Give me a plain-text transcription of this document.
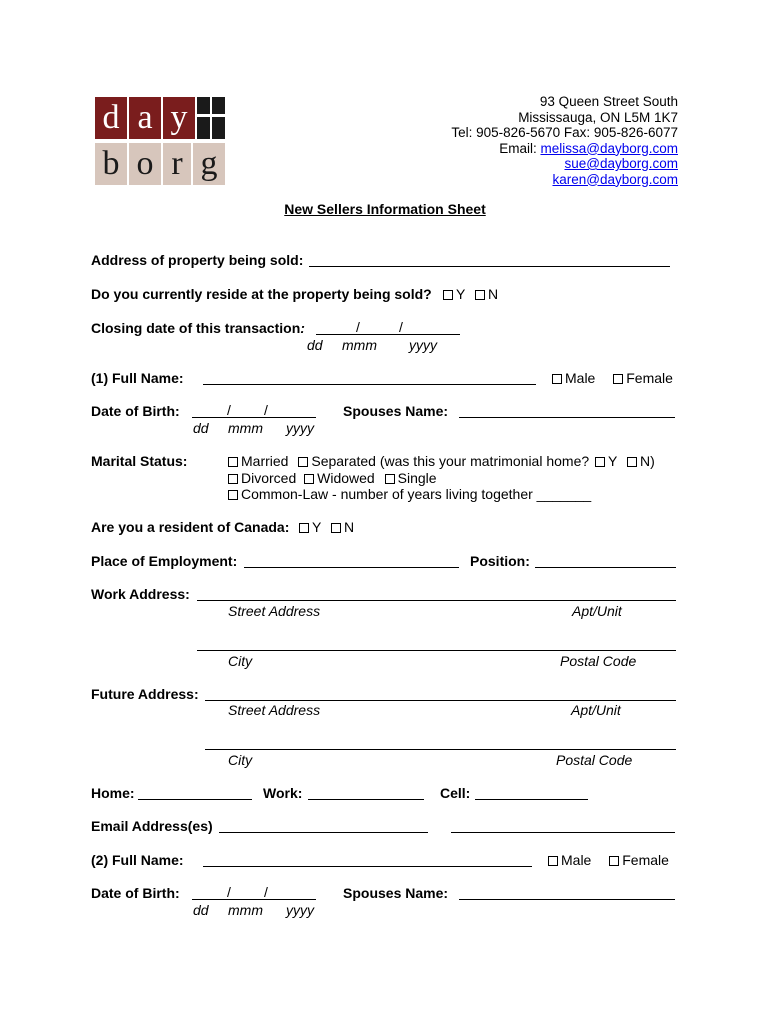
d a y
b o r g
93 Queen Street South
Mississauga, ON L5M 1K7
Tel: 905-826-5670 Fax: 905-826-6077
Email: melissa@dayborg.com
sue@dayborg.com
karen@dayborg.com
New Sellers Information Sheet
Address of property being sold:
Do you currently reside at the property being sold?	Y N
Closing date of this transaction:	/	/
dd mmm yyyy
(1) Full Name:	Male Female
Date of Birth:	/ /
dd mmm yyyy
Spouses Name:
Marital Status:	Married Separated (was this your matrimonial home? Y N)
Divorced Widowed Single
Common-Law - number of years living together _______
Are you a resident of Canada:	Y N
Place of Employment:	Position:
Work Address:
Street Address	Apt/Unit
City	Postal Code
Future Address:
Street Address	Apt/Unit
City	Postal Code
Home:	Work:	Cell:
Email Address(es)
(2) Full Name:	Male Female
Date of Birth:	/ /
dd mmm yyyy
Spouses Name:
